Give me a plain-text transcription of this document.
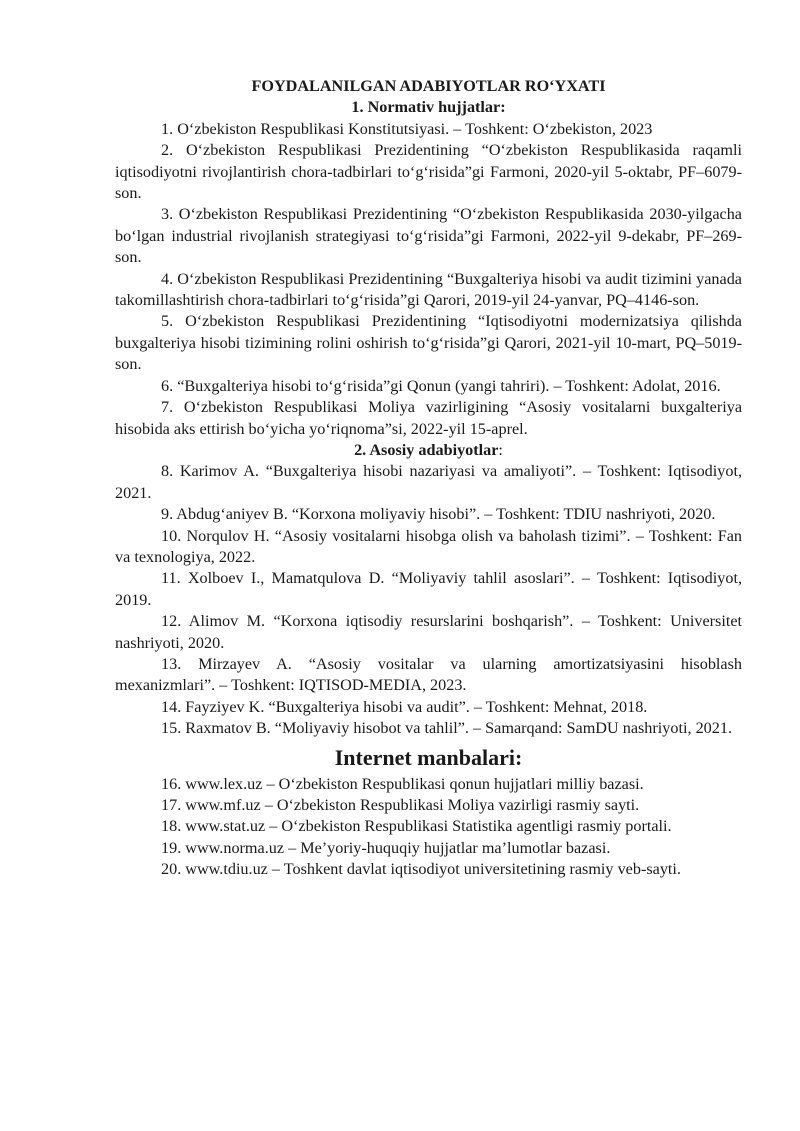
FOYDALANILGAN ADABIYOTLAR RO‘YXATI

1. Normativ hujjatlar:

1. O‘zbekiston Respublikasi Konstitutsiyasi. – Toshkent: O‘zbekiston, 2023

2. O‘zbekiston Respublikasi Prezidentining “O‘zbekiston Respublikasida raqamli iqtisodiyotni rivojlantirish chora-tadbirlari to‘g‘risida”gi Farmoni, 2020-yil 5-oktabr, PF–6079-son.

3. O‘zbekiston Respublikasi Prezidentining “O‘zbekiston Respublikasida 2030-yilgacha bo‘lgan industrial rivojlanish strategiyasi to‘g‘risida”gi Farmoni, 2022-yil 9-dekabr, PF–269-son.

4. O‘zbekiston Respublikasi Prezidentining “Buxgalteriya hisobi va audit tizimini yanada takomillashtirish chora-tadbirlari to‘g‘risida”gi Qarori, 2019-yil 24-yanvar, PQ–4146-son.

5. O‘zbekiston Respublikasi Prezidentining “Iqtisodiyotni modernizatsiya qilishda buxgalteriya hisobi tizimining rolini oshirish to‘g‘risida”gi Qarori, 2021-yil 10-mart, PQ–5019-son.

6. “Buxgalteriya hisobi to‘g‘risida”gi Qonun (yangi tahriri). – Toshkent: Adolat, 2016.

7. O‘zbekiston Respublikasi Moliya vazirligining “Asosiy vositalarni buxgalteriya hisobida aks ettirish bo‘yicha yo‘riqnoma”si, 2022-yil 15-aprel.

2. Asosiy adabiyotlar:

8. Karimov A. “Buxgalteriya hisobi nazariyasi va amaliyoti”. – Toshkent: Iqtisodiyot, 2021.

9. Abdug‘aniyev B. “Korxona moliyaviy hisobi”. – Toshkent: TDIU nashriyoti, 2020.

10. Norqulov H. “Asosiy vositalarni hisobga olish va baholash tizimi”. – Toshkent: Fan va texnologiya, 2022.

11. Xolboev I., Mamatqulova D. “Moliyaviy tahlil asoslari”. – Toshkent: Iqtisodiyot, 2019.

12. Alimov M. “Korxona iqtisodiy resurslarini boshqarish”. – Toshkent: Universitet nashriyoti, 2020.

13. Mirzayev A. “Asosiy vositalar va ularning amortizatsiyasini hisoblash mexanizmlari”. – Toshkent: IQTISOD-MEDIA, 2023.

14. Fayziyev K. “Buxgalteriya hisobi va audit”. – Toshkent: Mehnat, 2018.

15. Raxmatov B. “Moliyaviy hisobot va tahlil”. – Samarqand: SamDU nashriyoti, 2021.

Internet manbalari:

16. www.lex.uz – O‘zbekiston Respublikasi qonun hujjatlari milliy bazasi.

17. www.mf.uz – O‘zbekiston Respublikasi Moliya vazirligi rasmiy sayti.

18. www.stat.uz – O‘zbekiston Respublikasi Statistika agentligi rasmiy portali.

19. www.norma.uz – Me’yoriy-huquqiy hujjatlar ma’lumotlar bazasi.

20. www.tdiu.uz – Toshkent davlat iqtisodiyot universitetining rasmiy veb-sayti.
